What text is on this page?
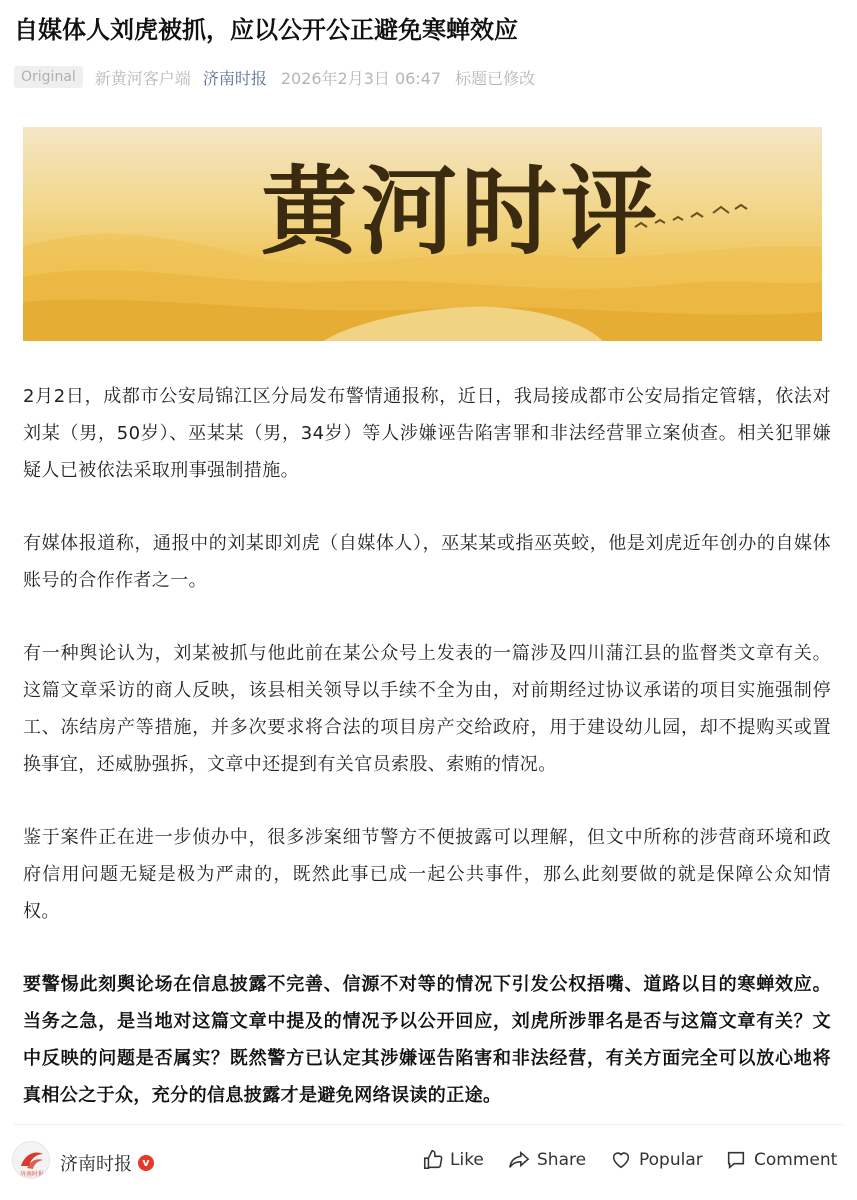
自媒体人刘虎被抓，应以公开公正避免寒蝉效应
Original	新黄河客户端 济南时报 2026年2月3日 06:47 标题已修改
黄河时评

2月2日，成都市公安局锦江区分局发布警情通报称，近日，我局接成都市公安局指定管辖，依法对刘某（男，50岁）、巫某某（男，34岁）等人涉嫌诬告陷害罪和非法经营罪立案侦查。相关犯罪嫌疑人已被依法采取刑事强制措施。

有媒体报道称，通报中的刘某即刘虎（自媒体人），巫某某或指巫英蛟，他是刘虎近年创办的自媒体账号的合作作者之一。

有一种舆论认为，刘某被抓与他此前在某公众号上发表的一篇涉及四川蒲江县的监督类文章有关。这篇文章采访的商人反映，该县相关领导以手续不全为由，对前期经过协议承诺的项目实施强制停工、冻结房产等措施，并多次要求将合法的项目房产交给政府，用于建设幼儿园，却不提购买或置换事宜，还威胁强拆，文章中还提到有关官员索股、索贿的情况。

鉴于案件正在进一步侦办中，很多涉案细节警方不便披露可以理解，但文中所称的涉营商环境和政府信用问题无疑是极为严肃的，既然此事已成一起公共事件，那么此刻要做的就是保障公众知情权。

要警惕此刻舆论场在信息披露不完善、信源不对等的情况下引发公权捂嘴、道路以目的寒蝉效应。当务之急，是当地对这篇文章中提及的情况予以公开回应，刘虎所涉罪名是否与这篇文章有关？文中反映的问题是否属实？既然警方已认定其涉嫌诬告陷害和非法经营，有关方面完全可以放心地将真相公之于众，充分的信息披露才是避免网络误读的正途。

济南时报 济南时报 v	Like	Share	Popular	Comment
